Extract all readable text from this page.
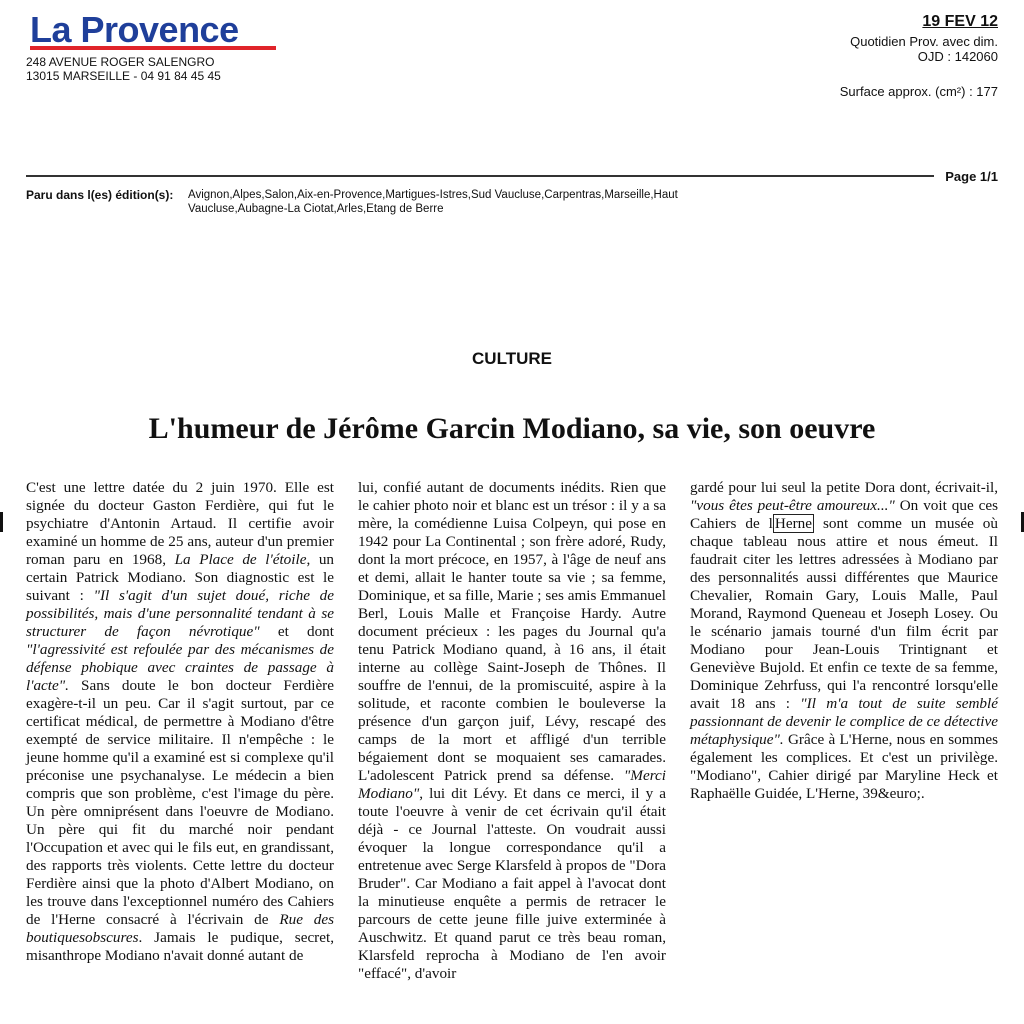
La Provence
248 AVENUE ROGER SALENGRO
13015 MARSEILLE - 04 91 84 45 45
19 FEV 12
Quotidien Prov. avec dim.
OJD : 142060
Surface approx. (cm²) : 177
Page 1/1
Paru dans l(es) édition(s): Avignon,Alpes,Salon,Aix-en-Provence,Martigues-Istres,Sud Vaucluse,Carpentras,Marseille,Haut Vaucluse,Aubagne-La Ciotat,Arles,Etang de Berre
CULTURE
L'humeur de Jérôme Garcin Modiano, sa vie, son oeuvre
C'est une lettre datée du 2 juin 1970. Elle est signée du docteur Gaston Ferdière, qui fut le psychiatre d'Antonin Artaud. Il certifie avoir examiné un homme de 25 ans, auteur d'un premier roman paru en 1968, La Place de l'étoile, un certain Patrick Modiano. Son diagnostic est le suivant : "Il s'agit d'un sujet doué, riche de possibilités, mais d'une personnalité tendant à se structurer de façon névrotique" et dont "l'agressivité est refoulée par des mécanismes de défense phobique avec craintes de passage à l'acte". Sans doute le bon docteur Ferdière exagère-t-il un peu. Car il s'agit surtout, par ce certificat médical, de permettre à Modiano d'être exempté de service militaire. Il n'empêche : le jeune homme qu'il a examiné est si complexe qu'il préconise une psychanalyse. Le médecin a bien compris que son problème, c'est l'image du père. Un père omniprésent dans l'oeuvre de Modiano. Un père qui fit du marché noir pendant l'Occupation et avec qui le fils eut, en grandissant, des rapports très violents. Cette lettre du docteur Ferdière ainsi que la photo d'Albert Modiano, on les trouve dans l'exceptionnel numéro des Cahiers de l'Herne consacré à l'écrivain de Rue des boutiquesobscures. Jamais le pudique, secret, misanthrope Modiano n'avait donné autant de
lui, confié autant de documents inédits. Rien que le cahier photo noir et blanc est un trésor : il y a sa mère, la comédienne Luisa Colpeyn, qui pose en 1942 pour La Continental ; son frère adoré, Rudy, dont la mort précoce, en 1957, à l'âge de neuf ans et demi, allait le hanter toute sa vie ; sa femme, Dominique, et sa fille, Marie ; ses amis Emmanuel Berl, Louis Malle et Françoise Hardy. Autre document précieux : les pages du Journal qu'a tenu Patrick Modiano quand, à 16 ans, il était interne au collège Saint-Joseph de Thônes. Il souffre de l'ennui, de la promiscuité, aspire à la solitude, et raconte combien le bouleverse la présence d'un garçon juif, Lévy, rescapé des camps de la mort et affligé d'un terrible bégaiement dont se moquaient ses camarades. L'adolescent Patrick prend sa défense. "Merci Modiano", lui dit Lévy. Et dans ce merci, il y a toute l'oeuvre à venir de cet écrivain qu'il était déjà - ce Journal l'atteste. On voudrait aussi évoquer la longue correspondance qu'il a entretenue avec Serge Klarsfeld à propos de "Dora Bruder". Car Modiano a fait appel à l'avocat dont la minutieuse enquête a permis de retracer le parcours de cette jeune fille juive exterminée à Auschwitz. Et quand parut ce très beau roman, Klarsfeld reprocha à Modiano de l'en avoir "effacé", d'avoir
gardé pour lui seul la petite Dora dont, écrivait-il, "vous êtes peut-être amoureux..." On voit que ces Cahiers de l Herne sont comme un musée où chaque tableau nous attire et nous émeut. Il faudrait citer les lettres adressées à Modiano par des personnalités aussi différentes que Maurice Chevalier, Romain Gary, Louis Malle, Paul Morand, Raymond Queneau et Joseph Losey. Ou le scénario jamais tourné d'un film écrit par Modiano pour Jean-Louis Trintignant et Geneviève Bujold. Et enfin ce texte de sa femme, Dominique Zehrfuss, qui l'a rencontré lorsqu'elle avait 18 ans : "Il m'a tout de suite semblé passionnant de devenir le complice de ce détective métaphysique". Grâce à L'Herne, nous en sommes également les complices. Et c'est un privilège. "Modiano", Cahier dirigé par Maryline Heck et Raphaëlle Guidée, L'Herne, 39&euro;.
